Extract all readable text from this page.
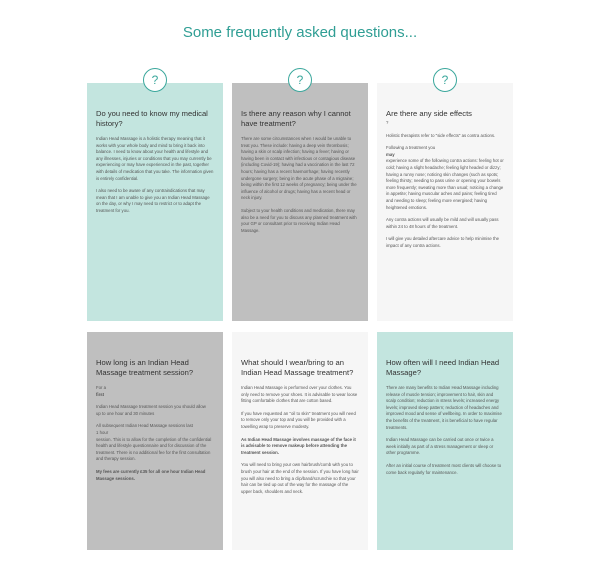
Some frequently asked questions...
Do you need to know my medical history?

Indian Head Massage is a holistic therapy meaning that it works with your whole body and mind to bring it back into balance. I need to know about your health and lifestyle and any illnesses, injuries or conditions that you may currently be experiencing or may have experienced in the past, together with details of medication that you take. The information given is entirely confidential.

I also need to be aware of any contraindications that may mean that I am unable to give you an Indian Head Massage on the day, or why I may need to restrict or to adapt the treatment for you.

Is there any reason why I cannot have treatment?

There are some circumstances when I would be unable to treat you. These include: having a deep vein thrombosis; having a skin or scalp infection; having a fever; having or having been in contact with infectious or contagious disease (including Covid-19); having had a vaccination in the last 72 hours; having has a recent haemorrhage; having recently undergone surgery; being in the acute phase of a migraine; being within the first 12 weeks of pregnancy; being under the influence of alcohol or drugs; having has a recent head or neck injury.

Subject to your health conditions and medication, there may also be a need for you to discuss any planned treatment with your GP or consultant prior to receiving Indian Head Massage.

Are there any side effects

?

Holistic therapists refer to "side effects" as contra actions.

Following a treatment you

may

experience some of the following contra actions: feeling hot or cold; having a slight headache; feeling light headed or dizzy; having a runny nose; noticing skin changes (such as spots; feeling thirsty; needing to pass urine or opening your bowels more frequently; sweating more than usual; noticing a change in appetite; having muscular aches and pains; feeling tired and needing to sleep; feeling more energised; having heightened emotions.

Any contra actions will usually be mild and will usually pass within 24 to 48 hours of the treatment.

I will give you detailed aftercare advice to help minimise the impact of any contra actions.

How long is an Indian Head Massage treatment session?

For a

first

Indian Head Massage treatment session you should allow

up to one hour and 30 minutes

All subsequent Indian Head Massage sessions last

1 hour

session. This is to allow for the completion of the confidential health and lifestyle questionnaire and for discussion of the treatment. There is no additional fee for the first consultation and therapy session.

My fees are currently £35 for all one hour Indian Head Massage sessions.

What should I wear/bring to an Indian Head Massage treatment?

Indian Head Massage is performed over your clothes. You only need to remove your shoes. It is advisable to wear loose fitting comfortable clothes that are cotton based.

If you have requested an "oil to skin" treatment you will need to remove only your top and you will be provided with a towelling wrap to preserve modesty.

As Indian Head Massage involves massage of the face it is advisable to remove makeup before attending the treatment session.

You will need to bring your own hairbrush/comb with you to brush your hair at the end of the session. If you have long hair you will also need to bring a clip/band/scrunchie so that your hair can be tied up out of the way for the massage of the upper back, shoulders and neck.

How often will I need Indian Head Massage?

There are many benefits to Indian Head Massage including release of muscle tension; improvement to hair, skin and scalp condition; reduction in stress levels; increased energy levels; improved sleep pattern; reduction of headaches and improved mood and sense of wellbeing. In order to maximise the benefits of the treatment, it is beneficial to have regular treatments.

Indian Head Massage can be carried out once or twice a week initially as part of a stress management or sleep or other programme.

After an initial course of treatment most clients will choose to come back regularly for maintenance.

?	?	?
